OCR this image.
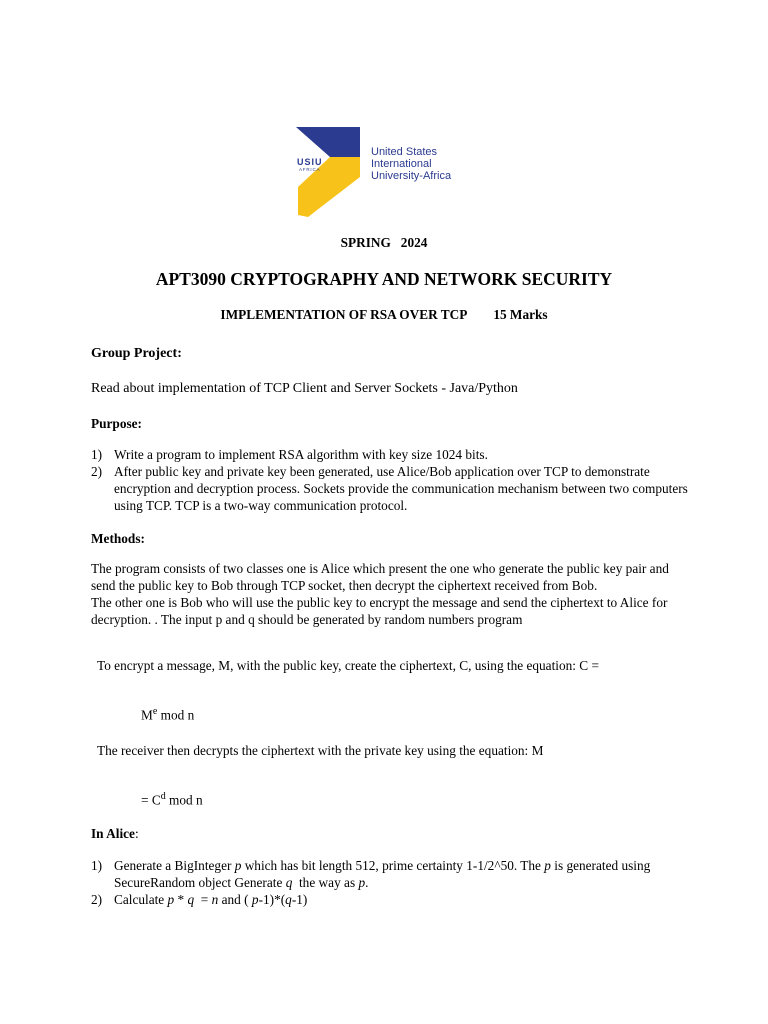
USIU
AFRICA
United States
International
University-Africa
SPRING   2024
APT3090 CRYPTOGRAPHY AND NETWORK SECURITY
IMPLEMENTATION OF RSA OVER TCP 15 Marks
Group Project:
Read about implementation of TCP Client and Server Sockets - Java/Python
Purpose:
1) Write a program to implement RSA algorithm with key size 1024 bits.
2) After public key and private key been generated, use Alice/Bob application over TCP to demonstrate encryption and decryption process. Sockets provide the communication mechanism between two computers using TCP. TCP is a two-way communication protocol.
Methods:
The program consists of two classes one is Alice which present the one who generate the public key pair and send the public key to Bob through TCP socket, then decrypt the ciphertext received from Bob.
The other one is Bob who will use the public key to encrypt the message and send the ciphertext to Alice for decryption. . The input p and q should be generated by random numbers program
To encrypt a message, M, with the public key, create the ciphertext, C, using the equation: C =
$M^e$ mod n
The receiver then decrypts the ciphertext with the private key using the equation: M
= $C^d$ mod n
In Alice:
1) Generate a BigInteger p which has bit length 512, prime certainty 1-1/2^50. The p is generated using SecureRandom object Generate q  the way as p.
2) Calculate p * q  = n and ( p-1)*(q-1)
